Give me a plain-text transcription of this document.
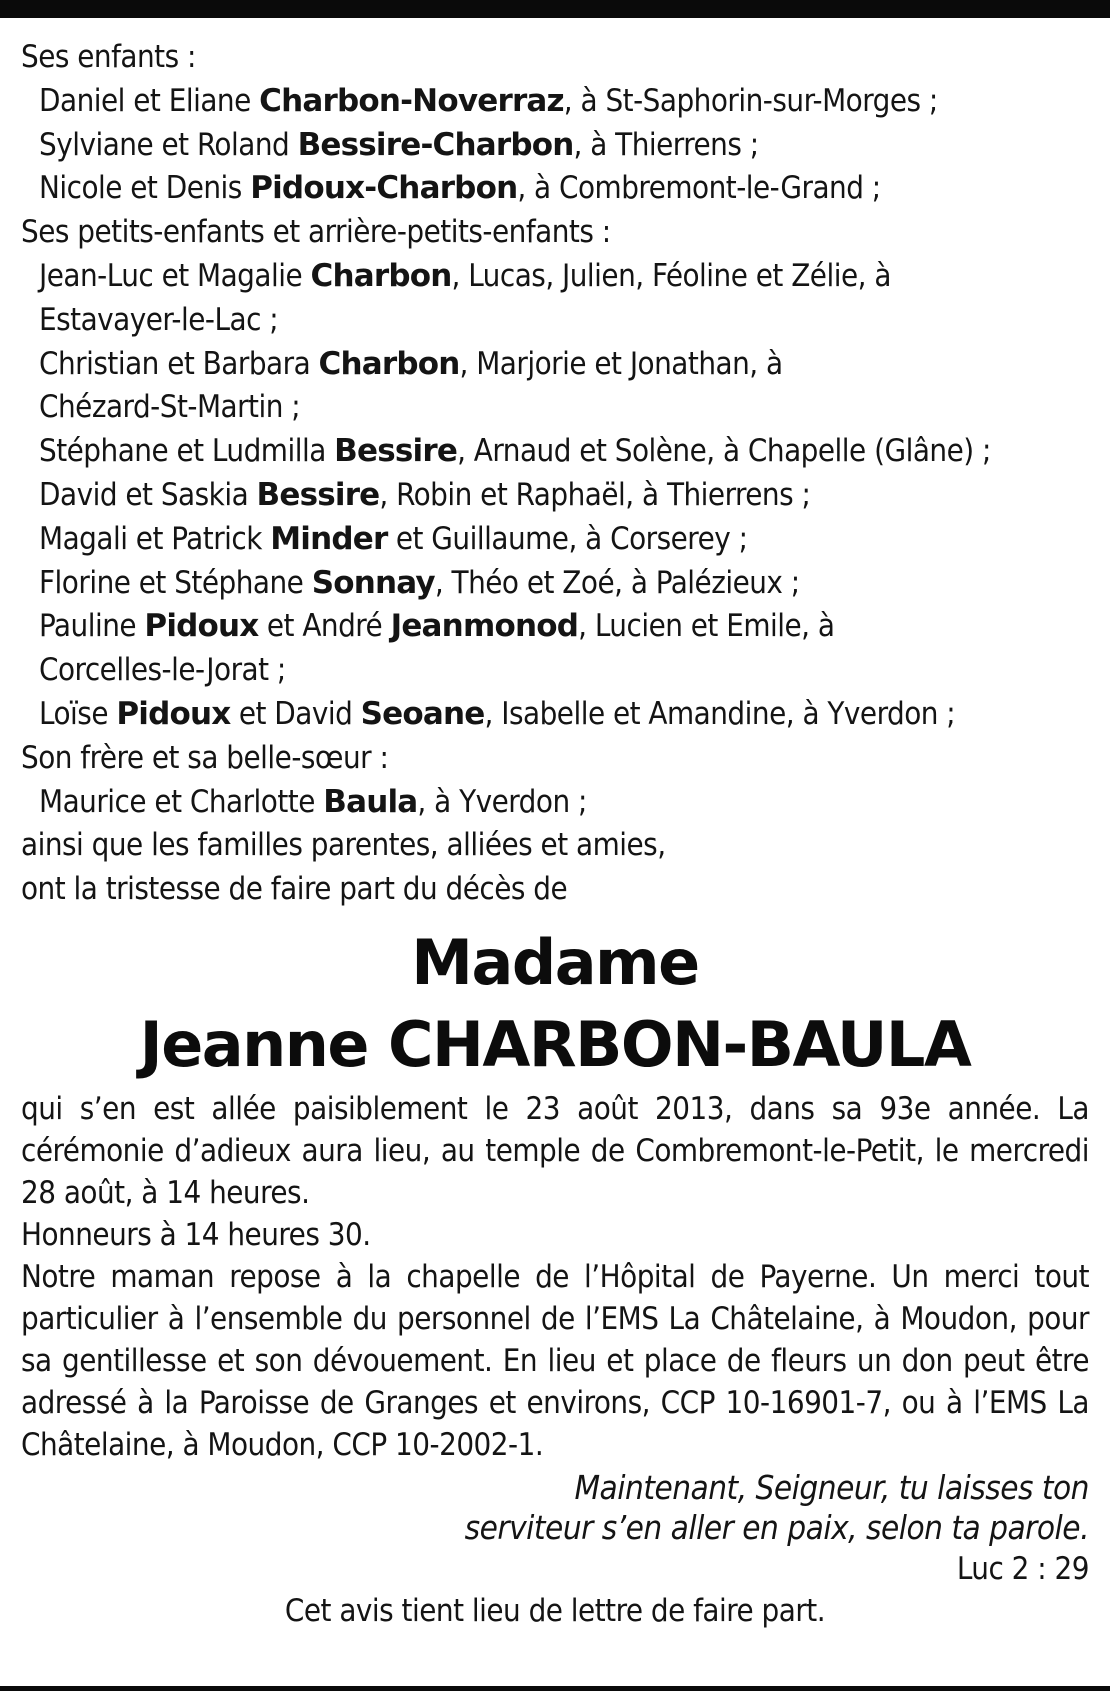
Ses enfants :
Daniel et Eliane Charbon-Noverraz, à St-Saphorin-sur-Morges ;
Sylviane et Roland Bessire-Charbon, à Thierrens ;
Nicole et Denis Pidoux-Charbon, à Combremont-le-Grand ;
Ses petits-enfants et arrière-petits-enfants :
Jean-Luc et Magalie Charbon, Lucas, Julien, Féoline et Zélie, à
Estavayer-le-Lac ;
Christian et Barbara Charbon, Marjorie et Jonathan, à
Chézard-St-Martin ;
Stéphane et Ludmilla Bessire, Arnaud et Solène, à Chapelle (Glâne) ;
David et Saskia Bessire, Robin et Raphaël, à Thierrens ;
Magali et Patrick Minder et Guillaume, à Corserey ;
Florine et Stéphane Sonnay, Théo et Zoé, à Palézieux ;
Pauline Pidoux et André Jeanmonod, Lucien et Emile, à
Corcelles-le-Jorat ;
Loïse Pidoux et David Seoane, Isabelle et Amandine, à Yverdon ;
Son frère et sa belle-sœur :
Maurice et Charlotte Baula, à Yverdon ;
ainsi que les familles parentes, alliées et amies,
ont la tristesse de faire part du décès de
Madame
Jeanne CHARBON-BAULA

qui s’en est allée paisiblement le 23 août 2013, dans sa 93e année. La cérémonie d’adieux aura lieu, au temple de Combremont-le-Petit, le mercredi 28 août, à 14 heures.

Honneurs à 14 heures 30.

Notre maman repose à la chapelle de l’Hôpital de Payerne. Un merci tout particulier à l’ensemble du personnel de l’EMS La Châtelaine, à Moudon, pour sa gentillesse et son dévouement. En lieu et place de fleurs un don peut être adressé à la Paroisse de Granges et environs, CCP 10-16901-7, ou à l’EMS La Châtelaine, à Moudon, CCP 10-2002-1.

Maintenant, Seigneur, tu laisses ton
serviteur s’en aller en paix, selon ta parole.
Luc 2 : 29
Cet avis tient lieu de lettre de faire part.
